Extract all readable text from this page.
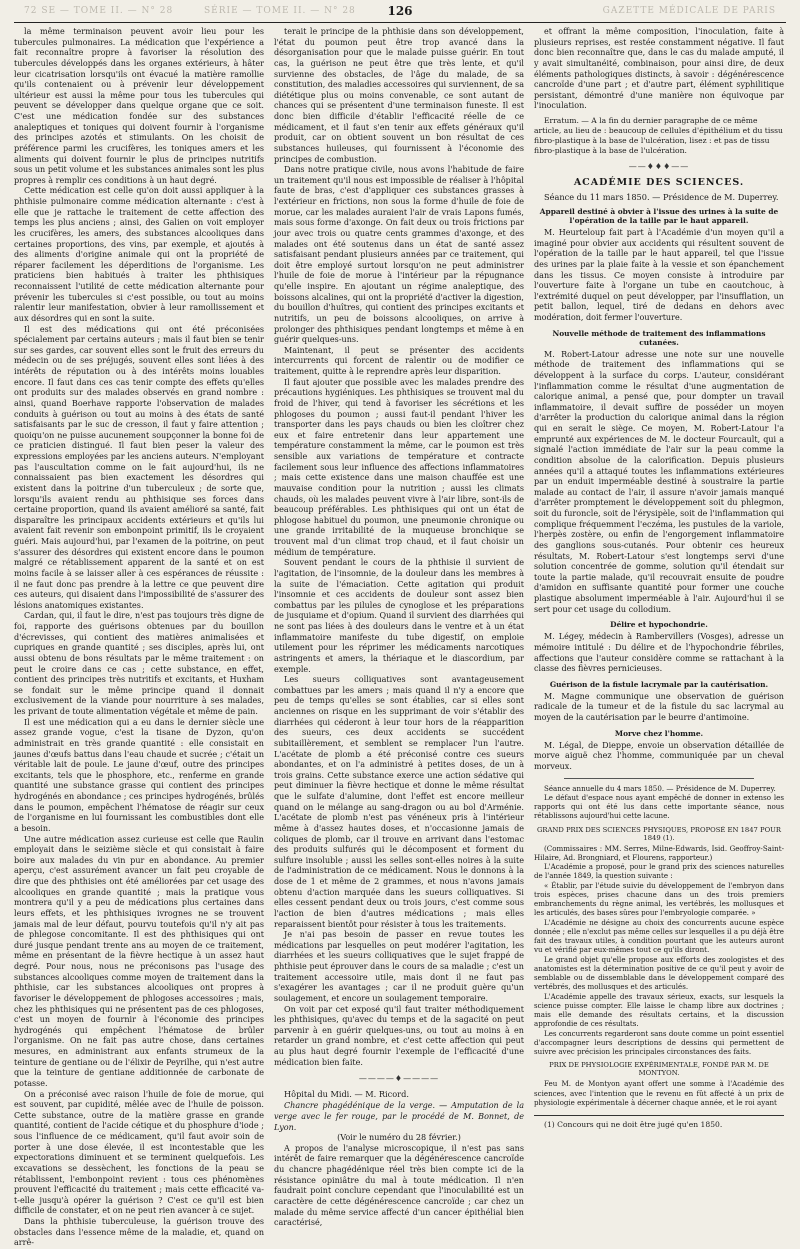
72 SE — TOME II. — N° 28	SÉRIE — TOME II. — N° 28	126	GAZETTE MÉDICALE DE PARIS

la même terminaison peuvent avoir lieu pour les tubercules pulmonaires. La médication que l'expérience a fait reconnaître propre à favoriser la résolution des tubercules développés dans les organes extérieurs, à hâter leur cicatrisation lorsqu'ils ont évacué la matière ramollie qu'ils contenaient ou à prévenir leur développement ultérieur est aussi la même pour tous les tubercules qui peuvent se développer dans quelque organe que ce soit. C'est une médication fondée sur des substances analeptiques et toniques qui doivent fournir à l'organisme des principes azotés et stimulants. On les choisit de préférence parmi les crucifères, les toniques amers et les aliments qui doivent fournir le plus de principes nutritifs sous un petit volume et les substances animales sont les plus propres à remplir ces conditions à un haut degré.

Cette médication est celle qu'on doit aussi appliquer à la phthisie pulmonaire comme médication alternante : c'est à elle que je rattache le traitement de cette affection des temps les plus anciens ; ainsi, des Galien on voit employer les crucifères, les amers, des substances alcooliques dans certaines proportions, des vins, par exemple, et ajoutés à des aliments d'origine animale qui ont la propriété de réparer facilement les déperditions de l'organisme. Les praticiens bien habitués à traiter les phthisiques reconnaissent l'utilité de cette médication alternante pour prévenir les tubercules si c'est possible, ou tout au moins ralentir leur manifestation, obvier à leur ramollissement et aux désordres qui en sont la suite.

Il est des médications qui ont été préconisées spécialement par certains auteurs ; mais il faut bien se tenir sur ses gardes, car souvent elles sont le fruit des erreurs du médecin ou de ses préjugés, souvent elles sont liées à des intérêts de réputation ou à des intérêts moins louables encore. Il faut dans ces cas tenir compte des effets qu'elles ont produits sur des malades observés en grand nombre : ainsi, quand Boerhave rapporte l'observation de malades conduits à guérison ou tout au moins à des états de santé satisfaisants par le suc de cresson, il faut y faire attention ; quoiqu'on ne puisse aucunement soupçonner la bonne foi de ce praticien distingué. Il faut bien peser la valeur des expressions employées par les anciens auteurs. N'employant pas l'auscultation comme on le fait aujourd'hui, ils ne connaissaient pas bien exactement les désordres qui existent dans la poitrine d'un tuberculeux ; de sorte que, lorsqu'ils avaient rendu au phthisique ses forces dans certaine proportion, quand ils avaient amélioré sa santé, fait disparaître les principaux accidents extérieurs et qu'ils lui avaient fait revenir son embonpoint primitif, ils le croyaient guéri. Mais aujourd'hui, par l'examen de la poitrine, on peut s'assurer des désordres qui existent encore dans le poumon malgré ce rétablissement apparent de la santé et on est moins facile à se laisser aller à ces espérances de réussite : il ne faut donc pas prendre à la lettre ce que peuvent dire ces auteurs, qui disaient dans l'impossibilité de s'assurer des lésions anatomiques existantes.

Cardan, qui, il faut le dire, n'est pas toujours très digne de foi, rapporte des guérisons obtenues par du bouillon d'écrevisses, qui contient des matières animalisées et cupriques en grande quantité ; ses disciples, après lui, ont aussi obtenu de bons résultats par le même traitement : on peut le croire dans ce cas ; cette substance, en effet, contient des principes très nutritifs et excitants, et Huxham se fondait sur le même principe quand il donnait exclusivement de la viande pour nourriture à ses malades, les privant de toute alimentation végétale et même de pain.

Il est une médication qui a eu dans le dernier siècle une assez grande vogue, c'est la tisane de Dyzon, qu'on administrait en très grande quantité : elle consistait en jaunes d'œufs battus dans l'eau chaude et sucrée ; c'était un véritable lait de poule. Le jaune d'œuf, outre des principes excitants, tels que le phosphore, etc., renferme en grande quantité une substance grasse qui contient des principes hydrogénés en abondance ; ces principes hydrogénés, brûlés dans le poumon, empêchent l'hématose de réagir sur ceux de l'organisme en lui fournissant les combustibles dont elle a besoin.

Une autre médication assez curieuse est celle que Raulin employait dans le seizième siècle et qui consistait à faire boire aux malades du vin pur en abondance. Au premier aperçu, c'est assurément avancer un fait peu croyable de dire que des phthisies ont été améliorées par cet usage des alcooliques en grande quantité ; mais la pratique vous montrera qu'il y a peu de médications plus certaines dans leurs effets, et les phthisiques ivrognes ne se trouvent jamais mal de leur défaut, pourvu toutefois qu'il n'y ait pas de phlegose concomitante. Il est des phthisiques qui ont duré jusque pendant trente ans au moyen de ce traitement, même en présentant de la fièvre hectique à un assez haut degré. Pour nous, nous ne préconisons pas l'usage des substances alcooliques comme moyen de traitement dans la phthisie, car les substances alcooliques ont propres à favoriser le développement de phlogoses accessoires ; mais, chez les phthisiques qui ne présentent pas de ces phlogoses, c'est un moyen de fournir à l'économie des principes hydrogénés qui empêchent l'hématose de brûler l'organisme. On ne fait pas autre chose, dans certaines mesures, en administrant aux enfants strumeux de la teinture de gentiane ou de l'élixir de Peyrilhe, qui n'est autre que la teinture de gentiane additionnée de carbonate de potasse.

On a préconisé avec raison l'huile de foie de morue, qui est souvent, par cupidité, mêlée avec de l'huile de poisson. Cette substance, outre de la matière grasse en grande quantité, contient de l'acide cétique et du phosphure d'iode ; sous l'influence de ce médicament, qu'il faut avoir soin de porter à une dose élevée, il est incontestable que les expectorations diminuent et se terminent quelquefois. Les excavations se dessèchent, les fonctions de la peau se rétablissent, l'embonpoint revient : tous ces phénomènes prouvent l'efficacité du traitement ; mais cette efficacité va-t-elle jusqu'à opérer la guérison ? C'est ce qu'il est bien difficile de constater, et on ne peut rien avancer à ce sujet.

Dans la phthisie tuberculeuse, la guérison trouve des obstacles dans l'essence même de la maladie, et, quand on arrê-

terait le principe de la phthisie dans son développement, l'état du poumon peut être trop avancé dans la désorganisation pour que le malade puisse guérir. En tout cas, la guérison ne peut être que très lente, et qu'il survienne des obstacles, de l'âge du malade, de sa constitution, des maladies accessoires qui surviennent, de sa diététique plus ou moins convenable, ce sont autant de chances qui se présentent d'une terminaison funeste. Il est donc bien difficile d'établir l'efficacité réelle de ce médicament, et il faut s'en tenir aux effets généraux qu'il produit, car on obtient souvent un bon résultat de ces substances huileuses, qui fournissent à l'économie des principes de combustion.

Dans notre pratique civile, nous avons l'habitude de faire un traitement qu'il nous est impossible de réaliser à l'hôpital faute de bras, c'est d'appliquer ces substances grasses à l'extérieur en frictions, non sous la forme d'huile de foie de morue, car les malades auraient l'air de vrais Lapons fumés, mais sous forme d'axonge. On fait deux ou trois frictions par jour avec trois ou quatre cents grammes d'axonge, et des malades ont été soutenus dans un état de santé assez satisfaisant pendant plusieurs années par ce traitement, qui doit être employé surtout lorsqu'on ne peut administrer l'huile de foie de morue à l'intérieur par la répugnance qu'elle inspire. En ajoutant un régime analeptique, des boissons alcalines, qui ont la propriété d'activer la digestion, du bouillon d'huîtres, qui contient des principes excitants et nutritifs, un peu de boissons alcooliques, on arrive à prolonger des phthisiques pendant longtemps et même à en guérir quelques-uns.

Maintenant, il peut se présenter des accidents intercurrents qui forcent de ralentir ou de modifier ce traitement, quitte à le reprendre après leur disparition.

Il faut ajouter que possible avec les malades prendre des précautions hygiéniques. Les phthisiques se trouvent mal du froid de l'hiver, qui tend à favoriser les sécrétions et les phlogoses du poumon ; aussi faut-il pendant l'hiver les transporter dans les pays chauds ou bien les cloîtrer chez eux et faire entretenir dans leur appartement une température constamment la même, car le poumon est très sensible aux variations de température et contracte facilement sous leur influence des affections inflammatoires ; mais cette existence dans une maison chauffée est une mauvaise condition pour la nutrition ; aussi les climats chauds, où les malades peuvent vivre à l'air libre, sont-ils de beaucoup préférables. Les phthisiques qui ont un état de phlogose habituel du poumon, une pneumonie chronique ou une grande irritabilité de la muqueuse bronchique se trouvent mal d'un climat trop chaud, et il faut choisir un médium de température.

Souvent pendant le cours de la phthisie il survient de l'agitation, de l'insomnie, de la douleur dans les membres à la suite de l'émaciation. Cette agitation qui produit l'insomnie et ces accidents de douleur sont assez bien combattus par les pilules de cynoglose et les préparations de jusquiame et d'opium. Quand il survient des diarrhées qui ne sont pas liées à des douleurs dans le ventre et à un état inflammatoire manifeste du tube digestif, on emploie utilement pour les réprimer les médicaments narcotiques astringents et amers, la thériaque et le diascordium, par exemple.

Les sueurs colliquatives sont avantageusement combattues par les amers ; mais quand il n'y a encore que peu de temps qu'elles se sont établies, car si elles sont anciennes on risque en les supprimant de voir s'établir des diarrhées qui céderont à leur tour hors de la réapparition des sueurs, ces deux accidents se succédent subitaillèrement, et semblent se remplacer l'un l'autre. L'acétate de plomb a été préconisé contre ces sueurs abondantes, et on l'a administré à petites doses, de un à trois grains. Cette substance exerce une action sédative qui peut diminuer la fièvre hectique et donne le même résultat que le sulfate d'alumine, dont l'effet est encore meilleur quand on le mélange au sang-dragon ou au bol d'Arménie. L'acétate de plomb n'est pas vénéneux pris à l'intérieur même à d'assez hautes doses, et n'occasionne jamais de coliques de plomb, car il trouve en arrivant dans l'estomac des produits sulfurés qui le décomposent et forment du sulfure insoluble ; aussi les selles sont-elles noires à la suite de l'administration de ce médicament. Nous le donnons à la dose de 1 et même de 2 grammes, et nous n'avons jamais obtenu d'action marquée dans les sueurs colliquatives. Si elles cessent pendant deux ou trois jours, c'est comme sous l'action de bien d'autres médications ; mais elles reparaissent bientôt pour résister à tous les traitements.

Je n'ai pas besoin de passer en revue toutes les médications par lesquelles on peut modérer l'agitation, les diarrhées et les sueurs colliquatives que le sujet frappé de phthisie peut éprouver dans le cours de sa maladie ; c'est un traitement accessoire utile, mais dont il ne faut pas s'exagérer les avantages ; car il ne produit guère qu'un soulagement, et encore un soulagement temporaire.

On voit par cet exposé qu'il faut traiter méthodiquement les phthisiques, qu'avec du temps et de la sagacité on peut parvenir à en guérir quelques-uns, ou tout au moins à en retarder un grand nombre, et c'est cette affection qui peut au plus haut degré fournir l'exemple de l'efficacité d'une médication bien faite.

————♦————

Hôpital du Midi. — M. Ricord.

Chancre phagédénique de la verge. — Amputation de la verge avec le fer rouge, par le procédé de M. Bonnet, de Lyon.

(Voir le numéro du 28 février.)

A propos de l'analyse microscopique, il n'est pas sans intérêt de faire remarquer que la dégénérescence cancroïde du chancre phagédénique réel très bien compte ici de la résistance opiniâtre du mal à toute médication. Il n'en faudrait point conclure cependant que l'inoculabilité est un caractère de cette dégénérescence cancroïde ; car chez un malade du même service affecté d'un cancer épithélial bien caractérisé,

et offrant la même composition, l'inoculation, faite à plusieurs reprises, est restée constamment négative. Il faut donc bien reconnaître que, dans le cas du malade amputé, il y avait simultanéité, combinaison, pour ainsi dire, de deux éléments pathologiques distincts, à savoir : dégénérescence cancroïde d'une part ; et d'autre part, élément syphilitique persistant, démontré d'une manière non équivoque par l'inoculation.

Erratum. — A la fin du dernier paragraphe de ce même article, au lieu de : beaucoup de cellules d'épithélium et du tissu fibro-plastique à la base de l'ulcération, lisez : et pas de tissu fibro-plastique à la base de l'ulcération.

——♦♦♦——
ACADÉMIE DES SCIENCES.

Séance du 11 mars 1850. — Présidence de M. Duperrey.

Appareil destiné à obvier à l'issue des urines à la suite de l'opération de la taille par le haut appareil.

M. Heurteloup fait part à l'Académie d'un moyen qu'il a imaginé pour obvier aux accidents qui résultent souvent de l'opération de la taille par le haut appareil, tel que l'issue des urines par la plaie faite à la vessie et son épanchement dans les tissus. Ce moyen consiste à introduire par l'ouverture faite à l'organe un tube en caoutchouc, à l'extrémité duquel on peut développer, par l'insufflation, un petit ballon, lequel, tiré de dedans en dehors avec modération, doit fermer l'ouverture.

Nouvelle méthode de traitement des inflammations cutanées.

M. Robert-Latour adresse une note sur une nouvelle méthode de traitement des inflammations qui se développent à la surface du corps. L'auteur, considérant l'inflammation comme le résultat d'une augmentation de calorique animal, a pensé que, pour dompter un travail inflammatoire, il devait suffire de posséder un moyen d'arrêter la production du calorique animal dans la région qui en serait le siège. Ce moyen, M. Robert-Latour l'a emprunté aux expériences de M. le docteur Fourcault, qui a signalé l'action immédiate de l'air sur la peau comme la condition absolue de la calorification. Depuis plusieurs années qu'il a attaqué toutes les inflammations extérieures par un enduit imperméable destiné à soustraire la partie malade au contact de l'air, il assure n'avoir jamais manqué d'arrêter promptement le développement soit du phlegmon, soit du furoncle, soit de l'érysipèle, soit de l'inflammation qui complique fréquemment l'eczéma, les pustules de la variole, l'herpès zostère, ou enfin de l'engorgement inflammatoire des ganglions sous-cutanés. Pour obtenir ces heureux résultats, M. Robert-Latour s'est longtemps servi d'une solution concentrée de gomme, solution qu'il étendait sur toute la partie malade, qu'il recouvrait ensuite de poudre d'amidon en suffisante quantité pour former une couche plastique absolument imperméable à l'air. Aujourd'hui il se sert pour cet usage du collodium.

Délire et hypochondrie.

M. Légey, médecin à Rambervillers (Vosges), adresse un mémoire intitulé : Du délire et de l'hypochondrie fébriles, affections que l'auteur considère comme se rattachant à la classe des fièvres pernicieuses.

Guérison de la fistule lacrymale par la cautérisation.

M. Magne communique une observation de guérison radicale de la tumeur et de la fistule du sac lacrymal au moyen de la cautérisation par le beurre d'antimoine.

Morve chez l'homme.

M. Légal, de Dieppe, envoie un observation détaillée de morve aiguë chez l'homme, communiquée par un cheval morveux.

Séance annuelle du 4 mars 1850. — Présidence de M. Duperrey.

Le défaut d'espace nous ayant empêché de donner in extenso les rapports qui ont été lus dans cette importante séance, nous rétablissons aujourd'hui cette lacune.

GRAND PRIX DES SCIENCES PHYSIQUES, PROPOSÉ EN 1847 POUR 1849 (1).

(Commissaires : MM. Serres, Milne-Edwards, Isid. Geoffroy-Saint-Hilaire, Ad. Brongniard, et Flourens, rapporteur.)

L'Académie a proposé, pour le grand prix des sciences naturelles de l'année 1849, la question suivante :

« Établir, par l'étude suivie du développement de l'embryon dans trois espèces, prises chacune dans un des trois premiers embranchements du règne animal, les vertébrés, les mollusques et les articulés, des bases sûres pour l'embryologie comparée. »

L'Académie ne désigne au choix des concurrents aucune espèce donnée ; elle n'exclut pas même celles sur lesquelles il a pu déjà être fait des travaux utiles, à condition pourtant que les auteurs auront vu et vérifié par eux-mêmes tout ce qu'ils diront.

Le grand objet qu'elle propose aux efforts des zoologistes et des anatomistes est la détermination positive de ce qu'il peut y avoir de semblable ou de dissemblable dans le développement comparé des vertébrés, des mollusques et des articulés.

L'Académie appelle des travaux sérieux, exacts, sur lesquels la science puisse compter. Elle laisse le champ libre aux doctrines ; mais elle demande des résultats certains, et la discussion approfondie de ces résultats.

Les concurrents regarderont sans doute comme un point essentiel d'accompagner leurs descriptions de dessins qui permettent de suivre avec précision les principales circonstances des faits.

PRIX DE PHYSIOLOGIE EXPÉRIMENTALE, FONDÉ PAR M. DE MONTYON.

Feu M. de Montyon ayant offert une somme à l'Académie des sciences, avec l'intention que le revenu en fût affecté à un prix de physiologie expérimentale à décerner chaque année, et le roi ayant

(1) Concours qui ne doit être jugé qu'en 1850.
